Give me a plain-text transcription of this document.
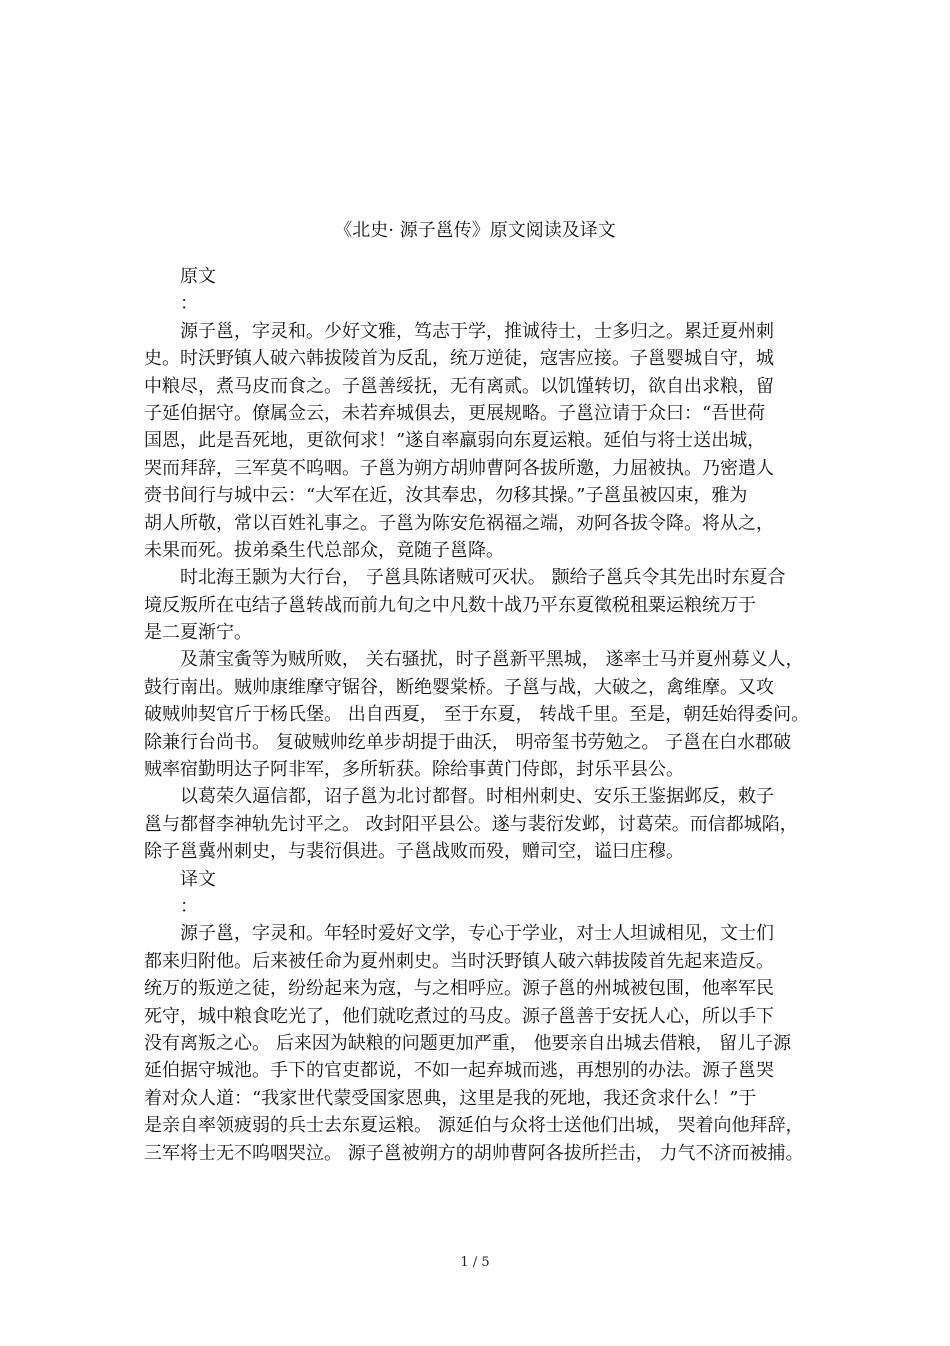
《北史· 源子邕传》原文阅读及译文
原文
：
源子邕，字灵和。少好文雅，笃志于学，推诚待士，士多归之。累迁夏州刺
史。时沃野镇人破六韩拔陵首为反乱，统万逆徒，寇害应接。子邕婴城自守，城
中粮尽，煮马皮而食之。子邕善绥抚，无有离贰。以饥馑转切，欲自出求粮，留
子延伯据守。僚属佥云，未若弃城俱去，更展规略。子邕泣请于众曰：“吾世荷
国恩，此是吾死地，更欲何求！”遂自率羸弱向东夏运粮。延伯与将士送出城，
哭而拜辞，三军莫不呜咽。子邕为朔方胡帅曹阿各拔所邀，力屈被执。乃密遣人
赍书间行与城中云：“大军在近，汝其奉忠，勿移其操。”子邕虽被囚束，雅为
胡人所敬，常以百姓礼事之。子邕为陈安危祸福之端，劝阿各拔令降。将从之，
未果而死。拔弟桑生代总部众，竟随子邕降。
时北海王颢为大行台， 子邕具陈诸贼可灭状。 颢给子邕兵令其先出时东夏合
境反叛所在屯结子邕转战而前九旬之中凡数十战乃平东夏徵税租粟运粮统万于
是二夏渐宁。
及萧宝夤等为贼所败， 关右骚扰，时子邕新平黑城， 遂率士马并夏州募义人，
鼓行南出。贼帅康维摩守锯谷，断绝婴棠桥。子邕与战，大破之，禽维摩。又攻
破贼帅契官斤于杨氏堡。 出自西夏， 至于东夏， 转战千里。至是，朝廷始得委问。
除兼行台尚书。 复破贼帅纥单步胡提于曲沃， 明帝玺书劳勉之。 子邕在白水郡破
贼率宿勤明达子阿非军，多所斩获。除给事黄门侍郎，封乐平县公。
以葛荣久逼信都，诏子邕为北讨都督。时相州刺史、安乐王鉴据邺反，敕子
邕与都督李神轨先讨平之。 改封阳平县公。遂与裴衍发邺，讨葛荣。而信都城陷，
除子邕冀州刺史，与裴衍俱进。子邕战败而殁，赠司空，谥曰庄穆。
译文
：
源子邕，字灵和。年轻时爱好文学，专心于学业，对士人坦诚相见，文士们
都来归附他。后来被任命为夏州刺史。当时沃野镇人破六韩拔陵首先起来造反。
统万的叛逆之徒，纷纷起来为寇，与之相呼应。源子邕的州城被包围，他率军民
死守，城中粮食吃光了，他们就吃煮过的马皮。源子邕善于安抚人心，所以手下
没有离叛之心。 后来因为缺粮的问题更加严重， 他要亲自出城去借粮， 留儿子源
延伯据守城池。手下的官吏都说，不如一起弃城而逃，再想别的办法。源子邕哭
着对众人道：“我家世代蒙受国家恩典，这里是我的死地，我还贪求什么！”于
是亲自率领疲弱的兵士去东夏运粮。 源延伯与众将士送他们出城， 哭着向他拜辞，
三军将士无不呜咽哭泣。 源子邕被朔方的胡帅曹阿各拔所拦击， 力气不济而被捕。
1 / 5
